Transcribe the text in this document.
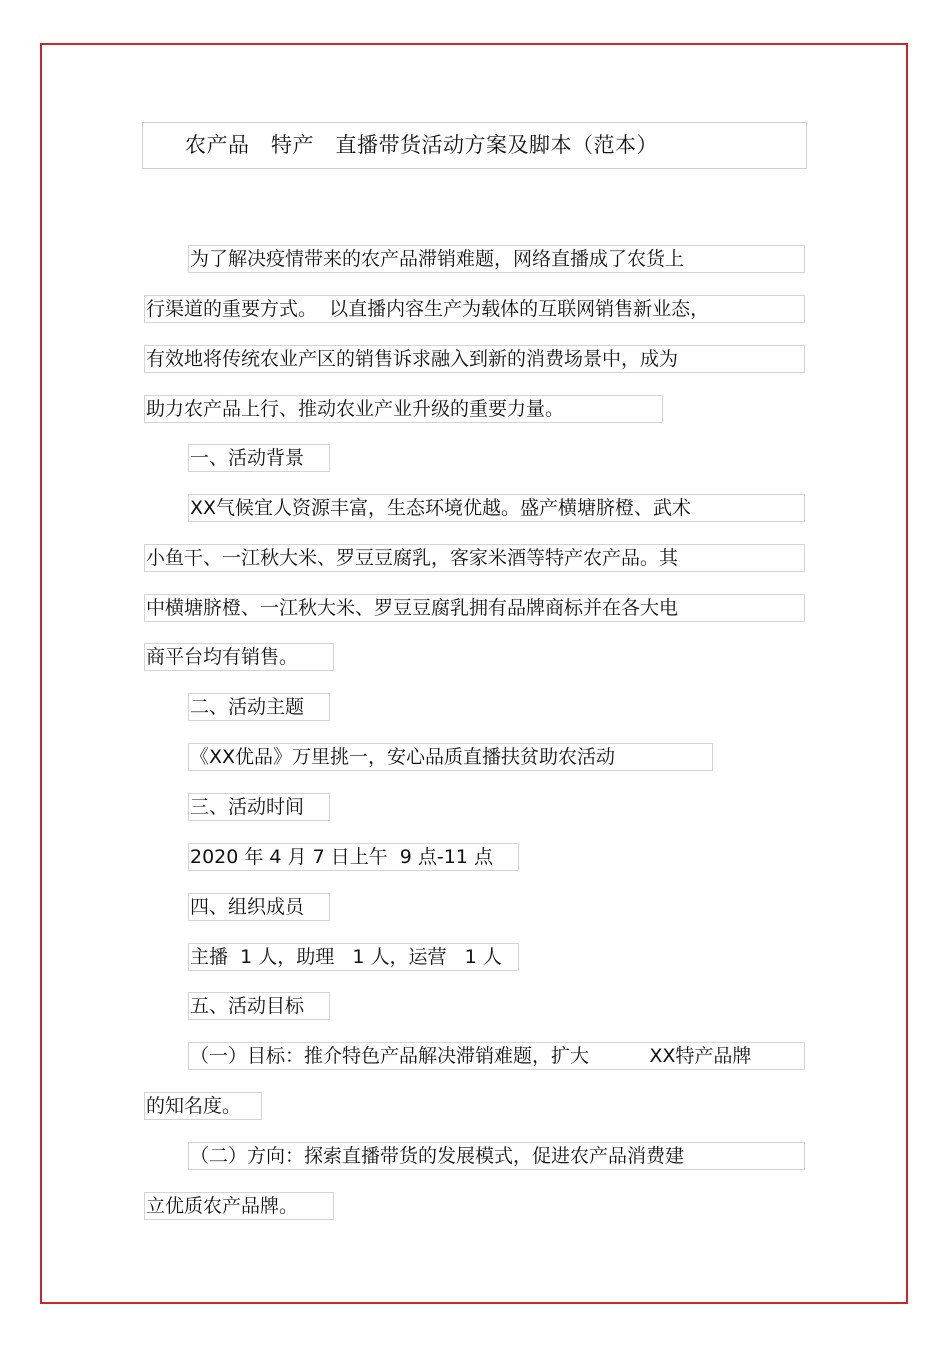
农产品　特产　直播带货活动方案及脚本（范本）
为了解决疫情带来的农产品滞销难题，网络直播成了农货上
行渠道的重要方式。  以直播内容生产为载体的互联网销售新业态，
有效地将传统农业产区的销售诉求融入到新的消费场景中，成为
助力农产品上行、推动农业产业升级的重要力量。
一、活动背景
XX气候宜人资源丰富，生态环境优越。盛产横塘脐橙、武术
小鱼干、一江秋大米、罗豆豆腐乳，客家米酒等特产农产品。其
中横塘脐橙、一江秋大米、罗豆豆腐乳拥有品牌商标并在各大电
商平台均有销售。
二、活动主题
《XX优品》万里挑一，安心品质直播扶贫助农活动
三、活动时间
2020 年 4 月 7 日上午  9 点-11 点
四、组织成员
主播  1 人，助理   1 人，运营   1 人
五、活动目标
（一）目标：推介特色产品解决滞销难题，扩大          XX特产品牌
的知名度。
（二）方向：探索直播带货的发展模式，促进农产品消费建
立优质农产品牌。
